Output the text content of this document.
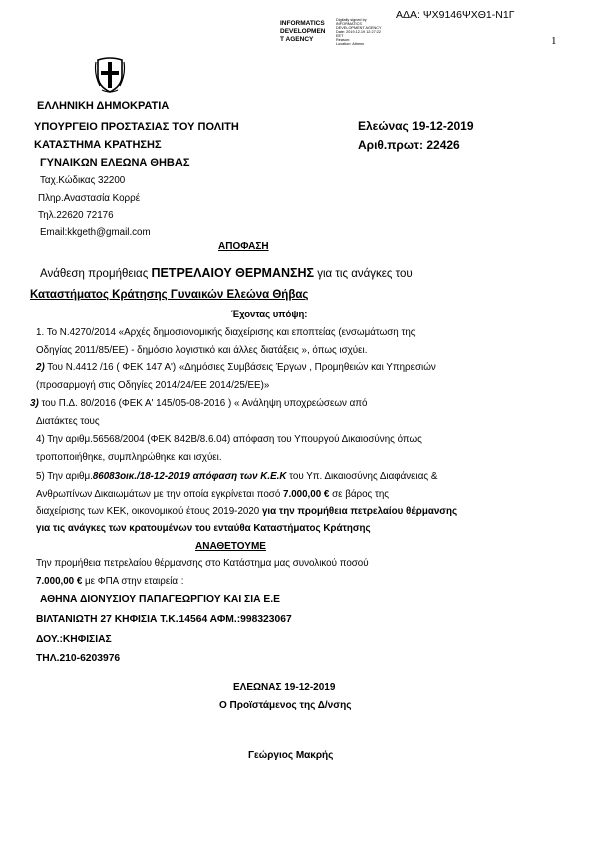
ΑΔΑ: ΨΧ9146ΨΧΘ1-Ν1Γ
1
INFORMATICS
DEVELOPMEN
T AGENCY
Digitally signed by
INFORMATICS
DEVELOPMENT AGENCY
Date: 2019.12.19 12:27:22
EET
Reason:
Location: Athens
ΕΛΛΗΝΙΚΗ ΔΗΜΟΚΡΑΤΙΑ
ΥΠΟΥΡΓΕΙΟ ΠΡΟΣΤΑΣΙΑΣ ΤΟΥ ΠΟΛΙΤΗ
ΚΑΤΑΣΤΗΜΑ ΚΡΑΤΗΣΗΣ
ΓΥΝΑΙΚΩΝ ΕΛΕΩΝΑ ΘΗΒΑΣ
Ελεώνας 19-12-2019
Αριθ.πρωτ: 22426
Ταχ.Κώδικας 32200
Πληρ.Αναστασία Κορρέ
Τηλ.22620 72176
Email:kkgeth@gmail.com
ΑΠΟΦΑΣΗ
Ανάθεση προμήθειας ΠΕΤΡΕΛΑΙΟΥ ΘΕΡΜΑΝΣΗΣ για τις ανάγκες του
Καταστήματος Κράτησης Γυναικών Ελεώνα Θήβας
Έχοντας υπόψη:
1. Το Ν.4270/2014 «Αρχές δημοσιονομικής διαχείρισης και εποπτείας (ενσωμάτωση της
Οδηγίας 2011/85/ΕΕ) - δημόσιο λογιστικό και άλλες διατάξεις », όπως ισχύει.
2) Του Ν.4412 /16 ( ΦΕΚ 147 Α') «Δημόσιες Συμβάσεις Έργων , Προμηθειών και Υπηρεσιών
(προσαρμογή στις Οδηγίες 2014/24/ΕΕ 2014/25/ΕΕ)»
3) του Π.Δ. 80/2016 (ΦΕΚ Α' 145/05-08-2016 ) « Ανάληψη υποχρεώσεων από
Διατάκτες τους
4) Την αριθμ.56568/2004 (ΦΕΚ 842Β/8.6.04) απόφαση του Υπουργού Δικαιοσύνης όπως
τροποποιήθηκε, συμπληρώθηκε και ισχύει.
5) Την αριθμ.86083οικ./18-12-2019 απόφαση των Κ.Ε.Κ του Υπ. Δικαιοσύνης Διαφάνειας &
Ανθρωπίνων Δικαιωμάτων με την οποία εγκρίνεται ποσό 7.000,00 € σε βάρος της
διαχείρισης των ΚΕΚ, οικονομικού έτους 2019-2020 για την προμήθεια πετρελαίου θέρμανσης
για τις ανάγκες των κρατουμένων του ενταύθα Καταστήματος Κράτησης
ΑΝΑΘΕΤΟΥΜΕ
Την προμήθεια πετρελαίου θέρμανσης στο Κατάστημα μας συνολικού ποσού
7.000,00 € με ΦΠΑ στην εταιρεία :
ΑΘΗΝΑ ΔΙΟΝΥΣΙΟΥ ΠΑΠΑΓΕΩΡΓΙΟΥ ΚΑΙ ΣΙΑ Ε.Ε
ΒΙΛΤΑΝΙΩΤΗ 27 ΚΗΦΙΣΙΑ Τ.Κ.14564 ΑΦΜ.:998323067
ΔΟΥ.:ΚΗΦΙΣΙΑΣ
ΤΗΛ.210-6203976
ΕΛΕΩΝΑΣ 19-12-2019
Ο Προϊστάμενος της Δ/νσης
Γεώργιος Μακρής
